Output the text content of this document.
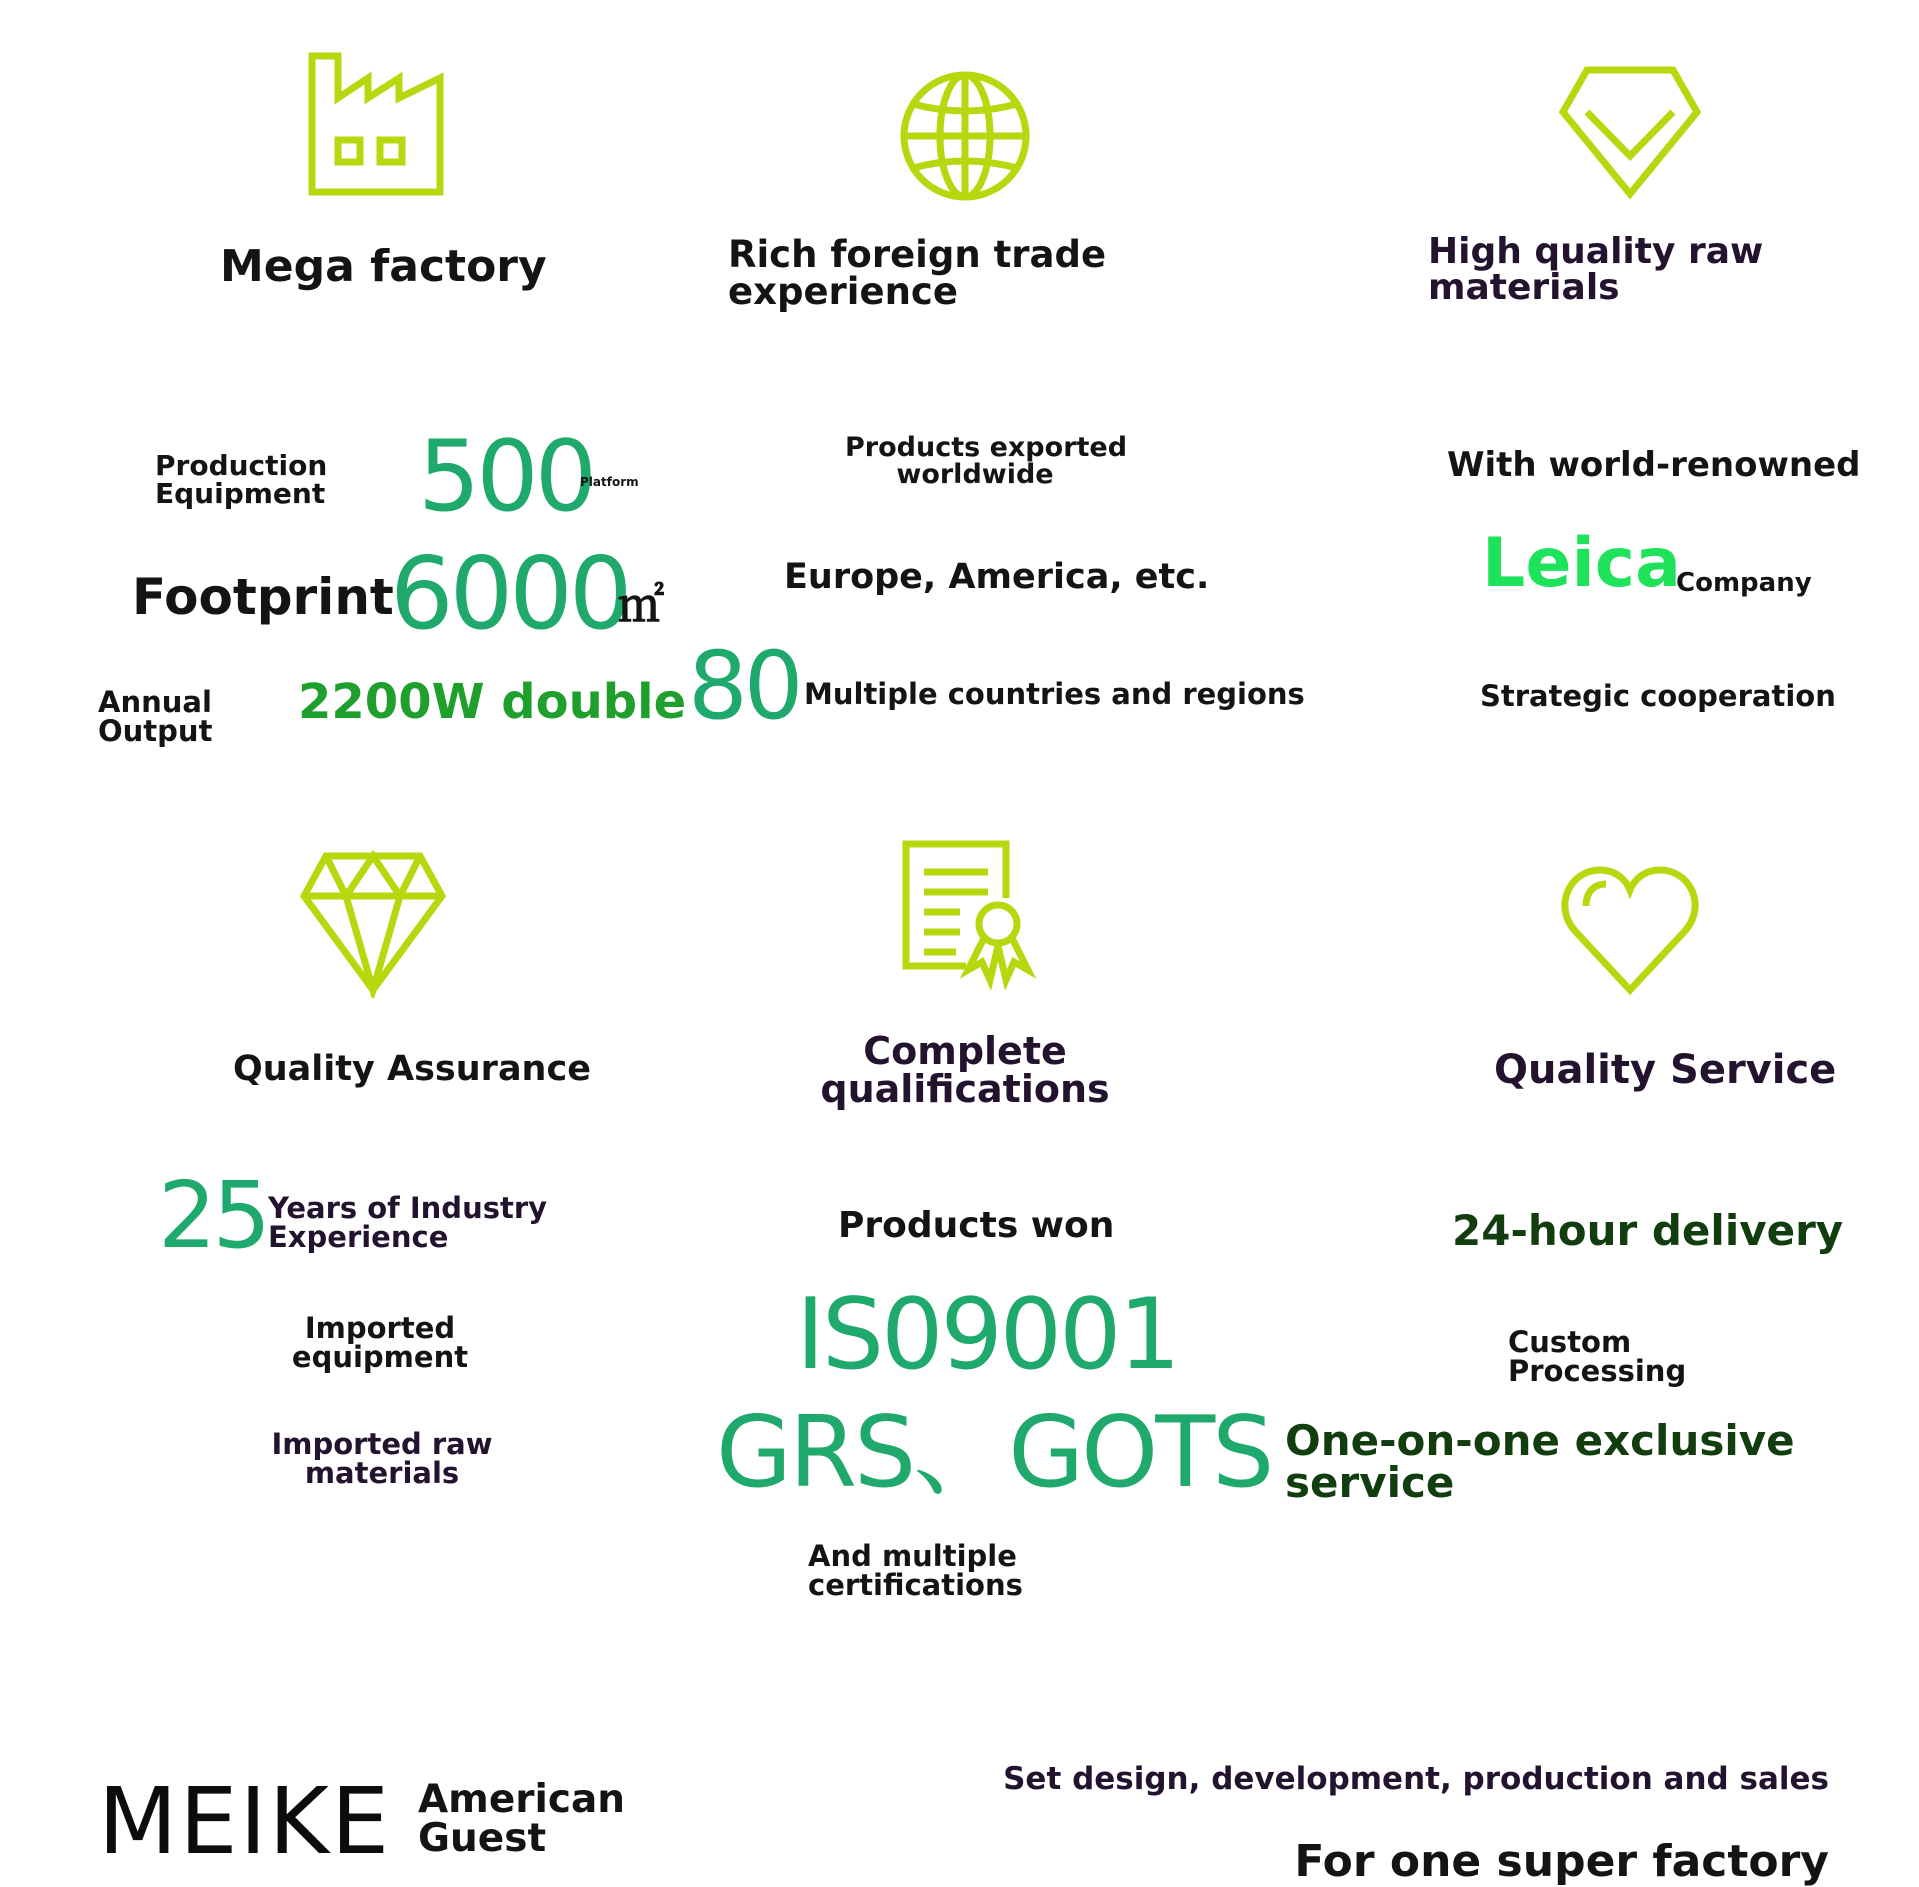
Mega factory	Rich foreign trade
experience
High quality raw
materials
Production
Equipment 500
Platform
Footprint
6000
㎡
Annual
Output
2200W double
Products exported
worldwide
Europe, America, etc.
80 Multiple countries and regions
With world-renowned
Leica
Company
Strategic cooperation
Quality Assurance	Complete
qualifications	Quality Service
25 Years of Industry
Experience
Imported
equipment
Imported raw
materials
Products won
IS09001
GRS、GOTS
And multiple
certifications
24-hour delivery
Custom
Processing
One-on-one exclusive
service
MEIKE American
Guest
Set design, development, production and sales
For one super factory
